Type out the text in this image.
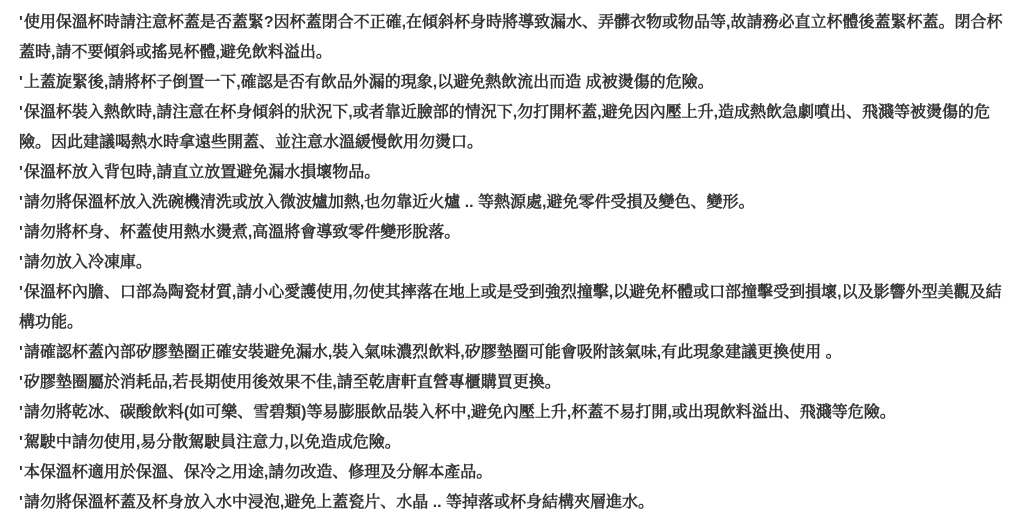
'使用保溫杯時請注意杯蓋是否蓋緊?因杯蓋閉合不正確,在傾斜杯身時將導致漏水、弄髒衣物或物品等,故請務必直立杯體後蓋緊杯蓋。閉合杯蓋時,請不要傾斜或搖晃杯體,避免飲料溢出。

'上蓋旋緊後,請將杯子倒置一下,確認是否有飲品外漏的現象,以避免熱飲流出而造 成被燙傷的危險。

'保溫杯裝入熱飲時,請注意在杯身傾斜的狀況下,或者靠近臉部的情況下,勿打開杯蓋,避免因內壓上升,造成熱飲急劇噴出、飛濺等被燙傷的危險。因此建議喝熱水時拿遠些開蓋、並注意水溫緩慢飲用勿燙口。

'保溫杯放入背包時,請直立放置避免漏水損壞物品。

'請勿將保溫杯放入洗碗機清洗或放入微波爐加熱,也勿靠近火爐 .. 等熱源處,避免零件受損及變色、變形。

'請勿將杯身、杯蓋使用熱水燙煮,高溫將會導致零件變形脫落。

'請勿放入冷凍庫。

'保溫杯內膽、口部為陶瓷材質,請小心愛護使用,勿使其摔落在地上或是受到強烈撞擊,以避免杯體或口部撞擊受到損壞,以及影響外型美觀及結構功能。

'請確認杯蓋內部矽膠墊圈正確安裝避免漏水,裝入氣味濃烈飲料,矽膠墊圈可能會吸附該氣味,有此現象建議更換使用 。

'矽膠墊圈屬於消耗品,若長期使用後效果不佳,請至乾唐軒直營專櫃購買更換。

'請勿將乾冰、碳酸飲料(如可樂、雪碧類)等易膨脹飲品裝入杯中,避免內壓上升,杯蓋不易打開,或出現飲料溢出、飛濺等危險。

'駕駛中請勿使用,易分散駕駛員注意力,以免造成危險。

'本保溫杯適用於保溫、保冷之用途,請勿改造、修理及分解本產品。

'請勿將保溫杯蓋及杯身放入水中浸泡,避免上蓋瓷片、水晶 .. 等掉落或杯身結構夾層進水。
